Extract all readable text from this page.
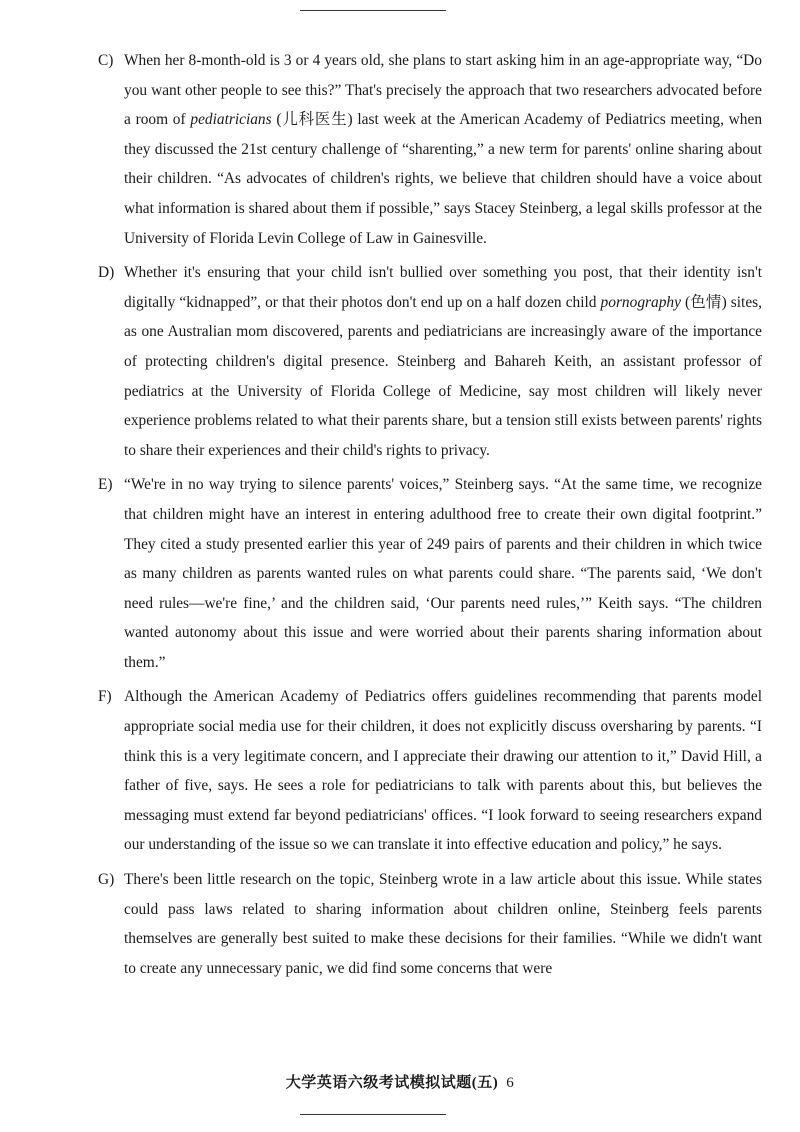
C) When her 8-month-old is 3 or 4 years old, she plans to start asking him in an age-appropriate way, “Do you want other people to see this?” That's precisely the approach that two researchers advocated before a room of pediatricians (儿科医生) last week at the American Academy of Pediatrics meeting, when they discussed the 21st century challenge of “sharenting,” a new term for parents' online sharing about their children. “As advocates of children's rights, we believe that children should have a voice about what information is shared about them if possible,” says Stacey Steinberg, a legal skills professor at the University of Florida Levin College of Law in Gainesville.
D) Whether it's ensuring that your child isn't bullied over something you post, that their identity isn't digitally “kidnapped”, or that their photos don't end up on a half dozen child pornography (色情) sites, as one Australian mom discovered, parents and pediatricians are increasingly aware of the importance of protecting children's digital presence. Steinberg and Bahareh Keith, an assistant professor of pediatrics at the University of Florida College of Medicine, say most children will likely never experience problems related to what their parents share, but a tension still exists between parents' rights to share their experiences and their child's rights to privacy.
E) “We're in no way trying to silence parents' voices,” Steinberg says. “At the same time, we recognize that children might have an interest in entering adulthood free to create their own digital footprint.” They cited a study presented earlier this year of 249 pairs of parents and their children in which twice as many children as parents wanted rules on what parents could share. “The parents said, ‘We don't need rules—we're fine,’ and the children said, ‘Our parents need rules,’” Keith says. “The children wanted autonomy about this issue and were worried about their parents sharing information about them.”
F) Although the American Academy of Pediatrics offers guidelines recommending that parents model appropriate social media use for their children, it does not explicitly discuss oversharing by parents. “I think this is a very legitimate concern, and I appreciate their drawing our attention to it,” David Hill, a father of five, says. He sees a role for pediatricians to talk with parents about this, but believes the messaging must extend far beyond pediatricians' offices. “I look forward to seeing researchers expand our understanding of the issue so we can translate it into effective education and policy,” he says.
G) There's been little research on the topic, Steinberg wrote in a law article about this issue. While states could pass laws related to sharing information about children online, Steinberg feels parents themselves are generally best suited to make these decisions for their families. “While we didn't want to create any unnecessary panic, we did find some concerns that were
大学英语六级考试模拟试题(五) 6
